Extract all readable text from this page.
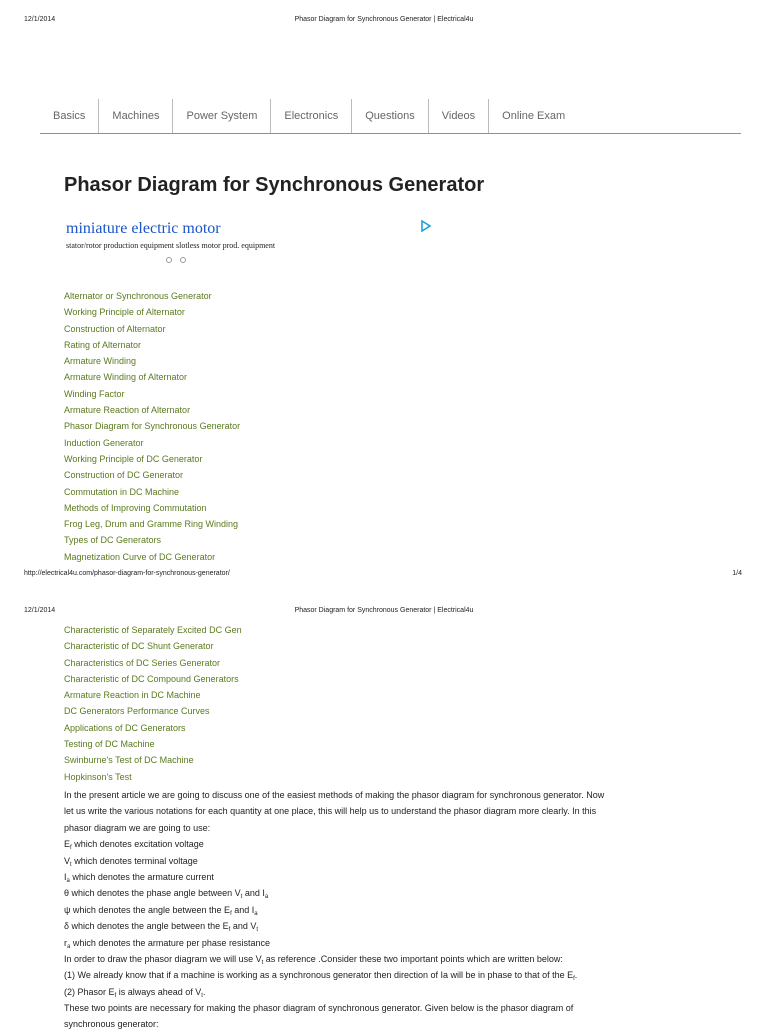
12/1/2014	Phasor Diagram for Synchronous Generator | Electrical4u
Basics	Machines	Power System	Electronics	Questions	Videos	Online Exam
Phasor Diagram for Synchronous Generator
miniature electric motor
stator/rotor production equipment slotless motor prod. equipment
Alternator or Synchronous Generator
Working Principle of Alternator
Construction of Alternator
Rating of Alternator
Armature Winding
Armature Winding of Alternator
Winding Factor
Armature Reaction of Alternator
Phasor Diagram for Synchronous Generator
Induction Generator
Working Principle of DC Generator
Construction of DC Generator
Commutation in DC Machine
Methods of Improving Commutation
Frog Leg, Drum and Gramme Ring Winding
Types of DC Generators
Magnetization Curve of DC Generator
http://electrical4u.com/phasor-diagram-for-synchronous-generator/	1/4
12/1/2014	Phasor Diagram for Synchronous Generator | Electrical4u
Characteristic of Separately Excited DC Gen
Characteristic of DC Shunt Generator
Characteristics of DC Series Generator
Characteristic of DC Compound Generators
Armature Reaction in DC Machine
DC Generators Performance Curves
Applications of DC Generators
Testing of DC Machine
Swinburne's Test of DC Machine
Hopkinson's Test
In the present article we are going to discuss one of the easiest methods of making the phasor diagram for synchronous generator. Now
let us write the various notations for each quantity at one place, this will help us to understand the phasor diagram more clearly. In this
phasor diagram we are going to use:
$E_f$ which denotes excitation voltage
$V_t$ which denotes terminal voltage
$I_a$ which denotes the armature current
θ which denotes the phase angle between $V_t$ and $I_a$
ψ which denotes the angle between the $E_f$ and $I_a$
δ which denotes the angle between the $E_f$ and $V_t$
$r_a$ which denotes the armature per phase resistance
In order to draw the phasor diagram we will use $V_t$ as reference .Consider these two important points which are written below:
(1) We already know that if a machine is working as a synchronous generator then direction of Ia will be in phase to that of the $E_f$.
(2) Phasor $E_f$ is always ahead of $V_t$.
These two points are necessary for making the phasor diagram of synchronous generator. Given below is the phasor diagram of
synchronous generator:
